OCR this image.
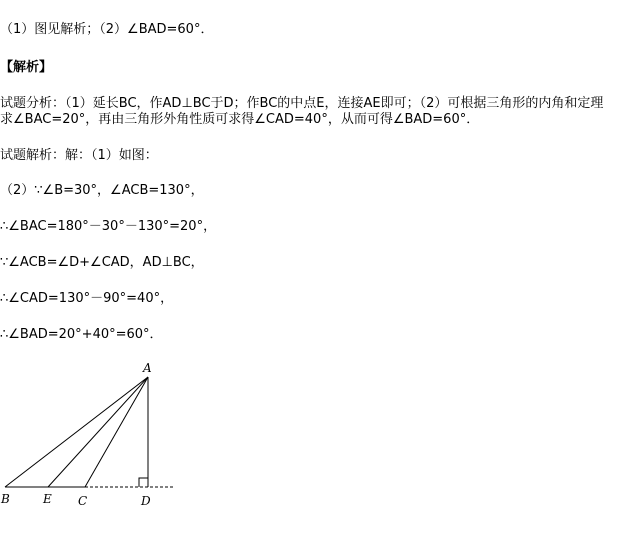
（1）图见解析；（2）∠BAD=60°．
【解析】
试题分析：（1）延长BC，作AD⊥BC于D；作BC的中点E，连接AE即可；（2）可根据三角形的内角和定理
求∠BAC=20°，再由三角形外角性质可求得∠CAD=40°，从而可得∠BAD=60°．
试题解析：解：（1）如图：
（2）∵∠B=30°，∠ACB=130°，
∴∠BAC=180°－30°－130°=20°，
∵∠ACB=∠D+∠CAD，AD⊥BC，
∴∠CAD=130°－90°=40°，
∴∠BAD=20°+40°=60°．
A
B	E C	D
